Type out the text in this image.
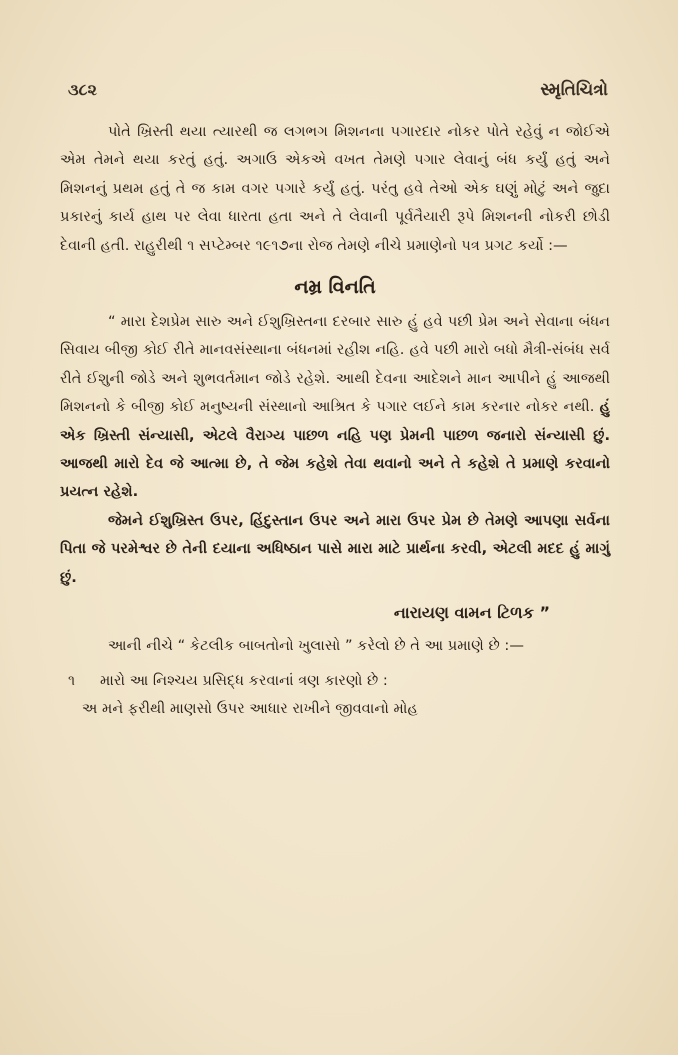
૩૮૨	સ્મૃતિચિત્રો

પોતે ખ્રિસ્તી થયા ત્યારથી જ લગભગ મિશનના પગારદાર નોકર પોતે રહેવું ન જોઈએ એમ તેમને થયા કરતું હતું. અગાઉ એકએ વખત તેમણે પગાર લેવાનું બંધ કર્યું હતું અને મિશનનું પ્રથમ હતું તે જ કામ વગર પગારે કર્યું હતું. પરંતુ હવે તેઓ એક ઘણું મોટું અને જુદા પ્રકારનું કાર્ય હાથ પર લેવા ધારતા હતા અને તે લેવાની પૂર્વતૈયારી રૂપે મિશનની નોકરી છોડી દેવાની હતી. રાહુરીથી ૧ સપ્ટેમ્બર ૧૯૧૭ના રોજ તેમણે નીચે પ્રમાણેનો પત્ર પ્રગટ કર્યો :—

નમ્ર વિનતિ

“ મારા દેશપ્રેમ સારુ અને ઈશુખ્રિસ્તના દરબાર સારુ હું હવે પછી પ્રેમ અને સેવાના બંધન સિવાય બીજી કોઈ રીતે માનવસંસ્થાના બંધનમાં રહીશ નહિ. હવે પછી મારો બધો મૈત્રી-સંબંધ સર્વ રીતે ઈશુની જોડે અને શુભવર્તમાન જોડે રહેશે. આથી દેવના આદેશને માન આપીને હું આજથી મિશનનો કે બીજી કોઈ મનુષ્યની સંસ્થાનો આશ્રિત કે પગાર લઈને કામ કરનાર નોકર નથી. હું એક ખ્રિસ્તી સંન્યાસી, એટલે વૈરાગ્ય પાછળ નહિ પણ પ્રેમની પાછળ જનારો સંન્યાસી છું. આજથી મારો દેવ જે આત્મા છે, તે જેમ કહેશે તેવા થવાનો અને તે કહેશે તે પ્રમાણે કરવાનો પ્રયત્ન રહેશે.

જેમને ઈશુખ્રિસ્ત ઉપર, હિંદુસ્તાન ઉપર અને મારા ઉપર પ્રેમ છે તેમણે આપણા સર્વના પિતા જે પરમેશ્વર છે તેની દયાના અધિષ્ઠાન પાસે મારા માટે પ્રાર્થના કરવી, એટલી મદદ હું માગું છું.

નારાયણ વામન ટિળક ”

આની નીચે “ કેટલીક બાબતોનો ખુલાસો ” કરેલો છે તે આ પ્રમાણે છે :—

૧	મારો આ નિશ્ચય પ્રસિદ્ધ કરવાનાં ત્રણ કારણો છે :

અ મને ફરીથી માણસો ઉપર આધાર રાખીને જીવવાનો મોહ
